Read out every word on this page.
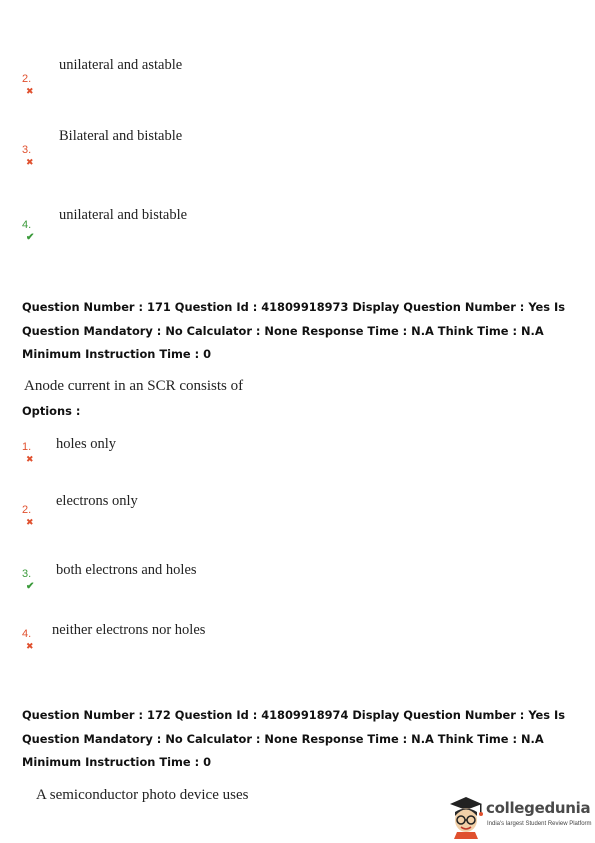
2.✖
unilateral and astable
3.✖
Bilateral and bistable
4.✔
unilateral and bistable
Question Number : 171 Question Id : 41809918973 Display Question Number : Yes Is Question Mandatory : No Calculator : None Response Time : N.A Think Time : N.A Minimum Instruction Time : 0
Anode current in an SCR consists of
Options :
1.✖
holes only
2.✖
electrons only
3.✔
both electrons and holes
4.✖
neither electrons nor holes
Question Number : 172 Question Id : 41809918974 Display Question Number : Yes Is Question Mandatory : No Calculator : None Response Time : N.A Think Time : N.A Minimum Instruction Time : 0
A semiconductor photo device uses
collegedunia
India's largest Student Review Platform
